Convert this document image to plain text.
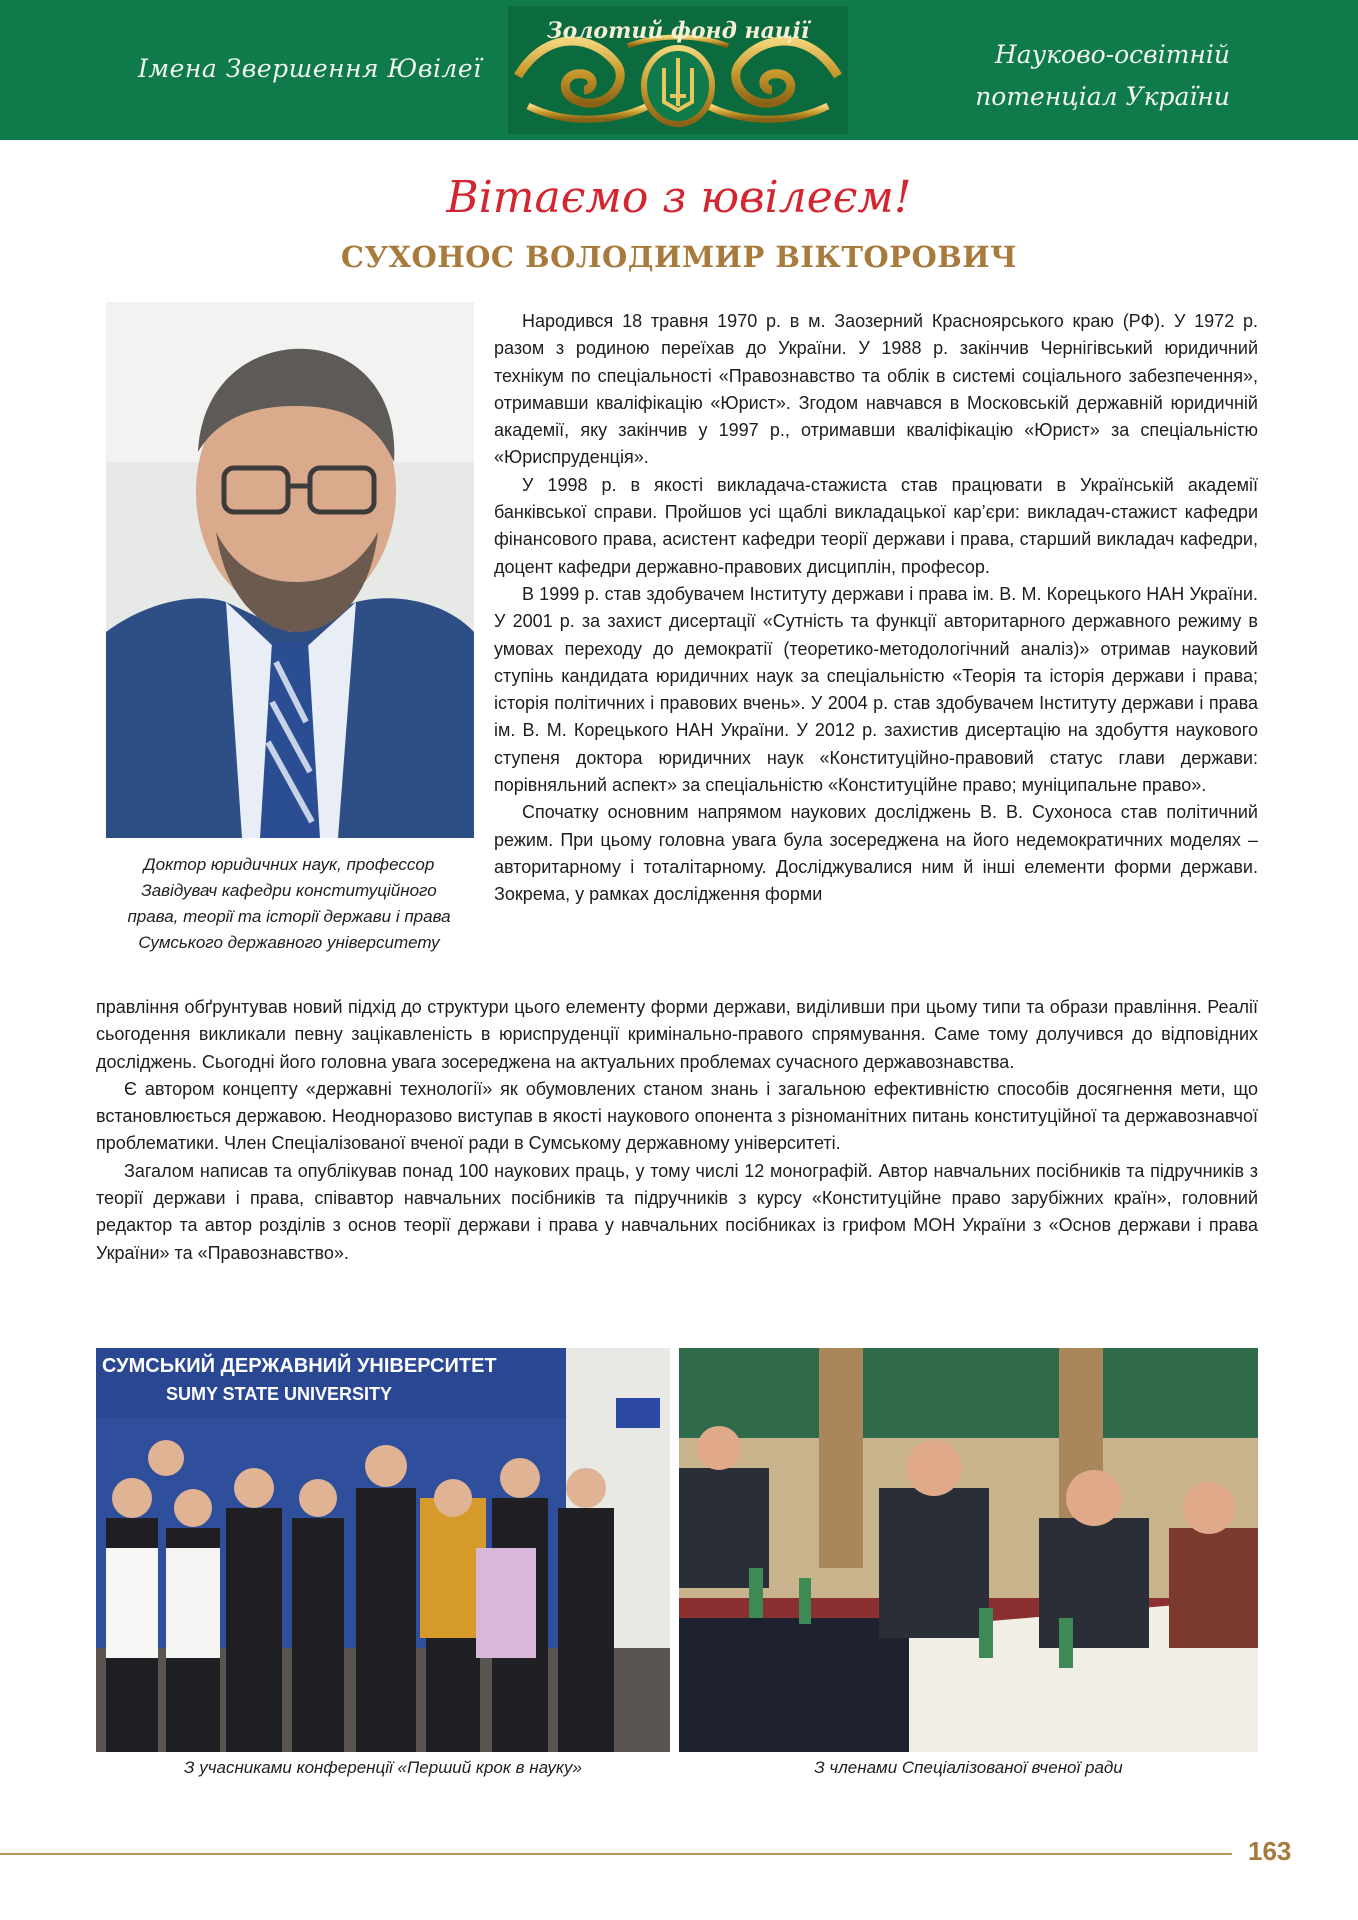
Імена Звершення Ювілеї
Золотий фонд нації
Науково-освітній
потенціал України
Вітаємо з ювілеєм!
СУХОНОС ВОЛОДИМИР ВІКТОРОВИЧ
Доктор юридичних наук, профессор
Завідувач кафедри конституційного
права, теорії та історії держави і права
Сумського державного університету

Народився 18 травня 1970 р. в м. Заозерний Красноярського краю (РФ). У 1972 р. разом з родиною переїхав до України. У 1988 р. закінчив Чернігівський юридичний технікум по спеціальності «Правознавство та облік в системі соціального забезпечення», отримавши кваліфікацію «Юрист». Згодом навчався в Московській державній юридичній академії, яку закінчив у 1997 р., отримавши кваліфікацію «Юрист» за спеціальністю «Юриспруденція».

У 1998 р. в якості викладача-стажиста став працювати в Українській академії банківської справи. Пройшов усі щаблі викладацької кар’єри: викладач-стажист кафедри фінансового права, асистент кафедри теорії держави і права, старший викладач кафедри, доцент кафедри державно-правових дисциплін, професор.

В 1999 р. став здобувачем Інституту держави і права ім. В. М. Корецького НАН України. У 2001 р. за захист дисертації «Сутність та функції авторитарного державного режиму в умовах переходу до демократії (теоретико-методологічний аналіз)» отримав науковий ступінь кандидата юридичних наук за спеціальністю «Теорія та історія держави і права; історія політичних і правових вчень». У 2004 р. став здобувачем Інституту держави і права ім. В. М. Корецького НАН України. У 2012 р. захистив дисертацію на здобуття наукового ступеня доктора юридичних наук «Конституційно-правовий статус глави держави: порівняльний аспект» за спеціальністю «Конституційне право; муніципальне право».

Спочатку основним напрямом наукових досліджень В. В. Сухоноса став політичний режим. При цьому головна увага була зосереджена на його недемократичних моделях – авторитарному і тоталітарному. Досліджувалися ним й інші елементи форми держави. Зокрема, у рамках дослідження форми

правління обґрунтував новий підхід до структури цього елементу форми держави, виділивши при цьому типи та образи правління. Реалії сьогодення викликали певну зацікавленість в юриспруденції кримінально-правого спрямування. Саме тому долучився до відповідних досліджень. Сьогодні його головна увага зосереджена на актуальних проблемах сучасного державознавства.

Є автором концепту «державні технології» як обумовлених станом знань і загальною ефективністю способів досягнення мети, що встановлюється державою. Неодноразово виступав в якості наукового опонента з різноманітних питань конституційної та державознавчої проблематики. Член Спеціалізованої вченої ради в Сумському державному університеті.

Загалом написав та опублікував понад 100 наукових праць, у тому числі 12 монографій. Автор навчальних посібників та підручників з теорії держави і права, співавтор навчальних посібників та підручників з курсу «Конституційне право зарубіжних країн», головний редактор та автор розділів з основ теорії держави і права у навчальних посібниках із грифом МОН України з «Основ держави і права України» та «Правознавство».

СУМСЬКИЙ ДЕРЖАВНИЙ УНІВЕРСИТЕТ
SUMY STATE UNIVERSITY
З учасниками конференції «Перший крок в науку»	З членами Спеціалізованої вченої ради
163
